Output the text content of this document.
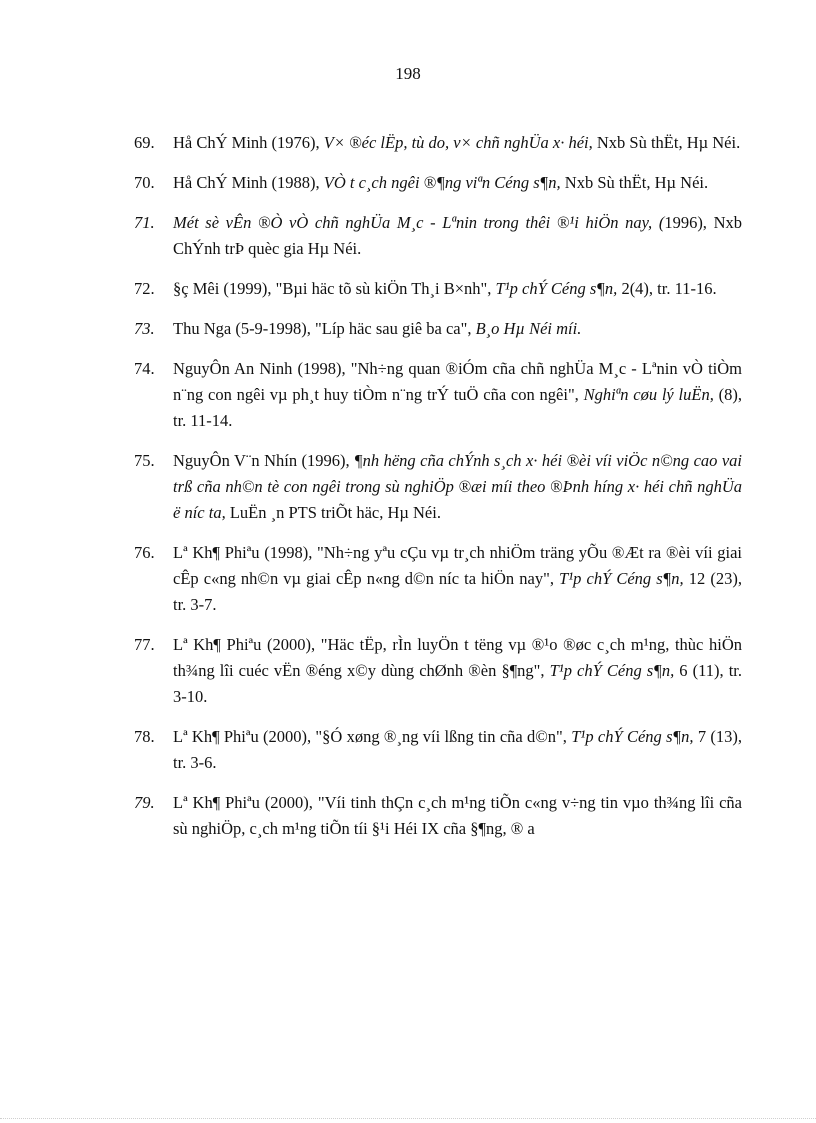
198
69. Hå ChÝ Minh (1976), V× ®éc lËp, tù do, v× chñ nghÜa x· héi, Nxb Sù thËt, Hµ Néi.
70. Hå ChÝ Minh (1988), VÒ t c¸ch ngêi ®¶ng viªn Céng s¶n, Nxb Sù thËt, Hµ Néi.
71. Mét sè vÊn ®Ò vÒ chñ nghÜa M¸c - Lªnin trong thêi ®¹i hiÖn nay, (1996), Nxb ChÝnh trÞ quèc gia Hµ Néi.
72. §ç Mêi (1999), "Bµi häc tõ sù kiÖn Th¸i B×nh", T¹p chÝ Céng s¶n, 2(4), tr. 11-16.
73. Thu Nga (5-9-1998), "Líp häc sau giê ba ca", B¸o Hµ Néi míi.
74. NguyÔn An Ninh (1998), "Nh÷ng quan ®iÓm cña chñ nghÜa M¸c - Lªnin vÒ tiÒm n¨ng con ngêi vµ ph¸t huy tiÒm n¨ng trÝ tuÖ cña con ngêi", Nghiªn cøu lý luËn, (8), tr. 11-14.
75. NguyÔn V¨n Nhín (1996), ¶nh hëng cña chÝnh s¸ch x· héi ®èi víi viÖc n©ng cao vai trß cña nh©n tè con ngêi trong sù nghiÖp ®æi míi theo ®Þnh híng x· héi chñ nghÜa ë níc ta, LuËn ¸n PTS triÕt häc, Hµ Néi.
76. Lª Kh¶ Phiªu (1998), "Nh÷ng yªu cÇu vµ tr¸ch nhiÖm träng yÕu ®Æt ra ®èi víi giai cÊp c«ng nh©n vµ giai cÊp n«ng d©n níc ta hiÖn nay", T¹p chÝ Céng s¶n, 12 (23), tr. 3-7.
77. Lª Kh¶ Phiªu (2000), "Häc tËp, rÌn luyÖn t tëng vµ ®¹o ®øc c¸ch m¹ng, thùc hiÖn th¾ng lîi cuéc vËn ®éng x©y dùng chØnh ®èn §¶ng", T¹p chÝ Céng s¶n, 6 (11), tr. 3-10.
78. Lª Kh¶ Phiªu (2000), "§Ó xøng ®¸ng víi lßng tin cña d©n", T¹p chÝ Céng s¶n, 7 (13), tr. 3-6.
79. Lª Kh¶ Phiªu (2000), "Víi tinh thÇn c¸ch m¹ng tiÕn c«ng v÷ng tin vµo th¾ng lîi cña sù nghiÖp, c¸ch m¹ng tiÕn tíi §¹i Héi IX cña §¶ng, ® a
